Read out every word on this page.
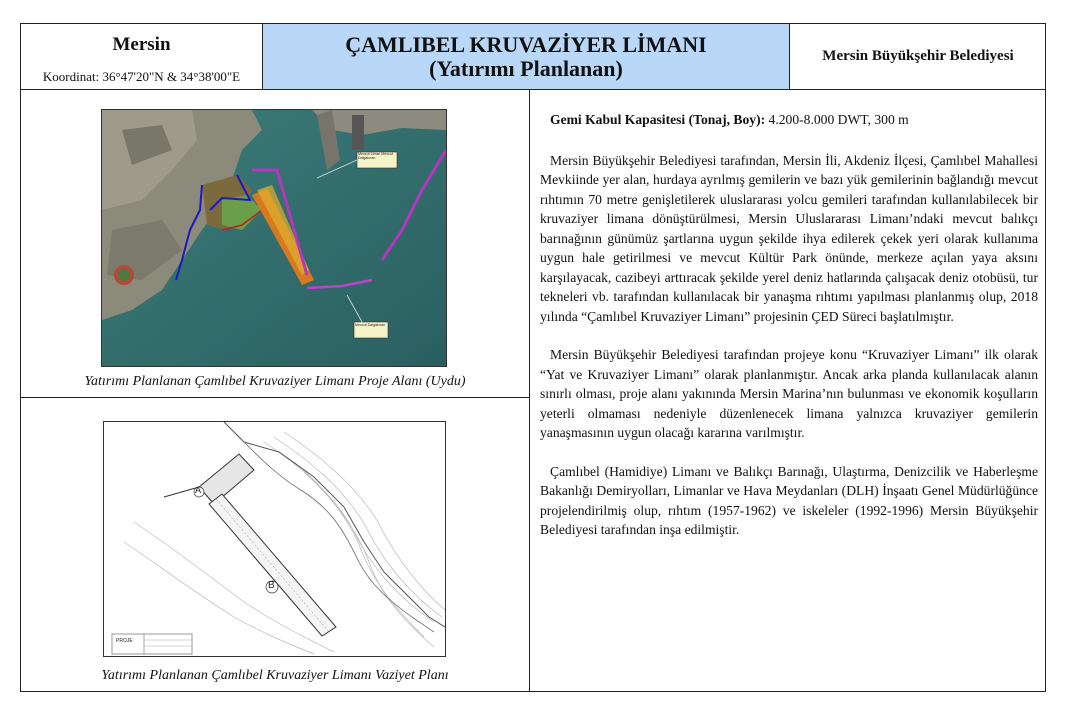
Mersin
Koordinat: 36°47'20"N & 34°38'00"E
ÇAMLIBEL KRUVAZİYER LİMANI
(Yatırımı Planlanan)	Mersin Büyükşehir Belediyesi
Mevcut Liman Mevcut Dalgakıran
Mevcut Dalgakıran
Yatırımı Planlanan Çamlıbel Kruvaziyer Limanı Proje Alanı (Uydu)
A
B
PROJE
Yatırımı Planlanan Çamlıbel Kruvaziyer Limanı Vaziyet Planı

Gemi Kabul Kapasitesi (Tonaj, Boy): 4.200-8.000 DWT, 300 m

Mersin Büyükşehir Belediyesi tarafından, Mersin İli, Akdeniz İlçesi, Çamlıbel Mahallesi Mevkiinde yer alan, hurdaya ayrılmış gemilerin ve bazı yük gemilerinin bağlandığı mevcut rıhtımın 70 metre genişletilerek uluslararası yolcu gemileri tarafından kullanılabilecek bir kruvaziyer limana dönüştürülmesi, Mersin Uluslararası Limanı’ndaki mevcut balıkçı barınağının günümüz şartlarına uygun şekilde ihya edilerek çekek yeri olarak kullanıma uygun hale getirilmesi ve mevcut Kültür Park önünde, merkeze açılan yaya aksını karşılayacak, cazibeyi arttıracak şekilde yerel deniz hatlarında çalışacak deniz otobüsü, tur tekneleri vb. tarafından kullanılacak bir yanaşma rıhtımı yapılması planlanmış olup, 2018 yılında “Çamlıbel Kruvaziyer Limanı” projesinin ÇED Süreci başlatılmıştır.

Mersin Büyükşehir Belediyesi tarafından projeye konu “Kruvaziyer Limanı” ilk olarak “Yat ve Kruvaziyer Limanı” olarak planlanmıştır. Ancak arka planda kullanılacak alanın sınırlı olması, proje alanı yakınında Mersin Marina’nın bulunması ve ekonomik koşulların yeterli olmaması nedeniyle düzenlenecek limana yalnızca kruvaziyer gemilerin yanaşmasının uygun olacağı kararına varılmıştır.

Çamlıbel (Hamidiye) Limanı ve Balıkçı Barınağı, Ulaştırma, Denizcilik ve Haberleşme Bakanlığı Demiryolları, Limanlar ve Hava Meydanları (DLH) İnşaatı Genel Müdürlüğünce projelendirilmiş olup, rıhtım (1957-1962) ve iskeleler (1992-1996) Mersin Büyükşehir Belediyesi tarafından inşa edilmiştir.
